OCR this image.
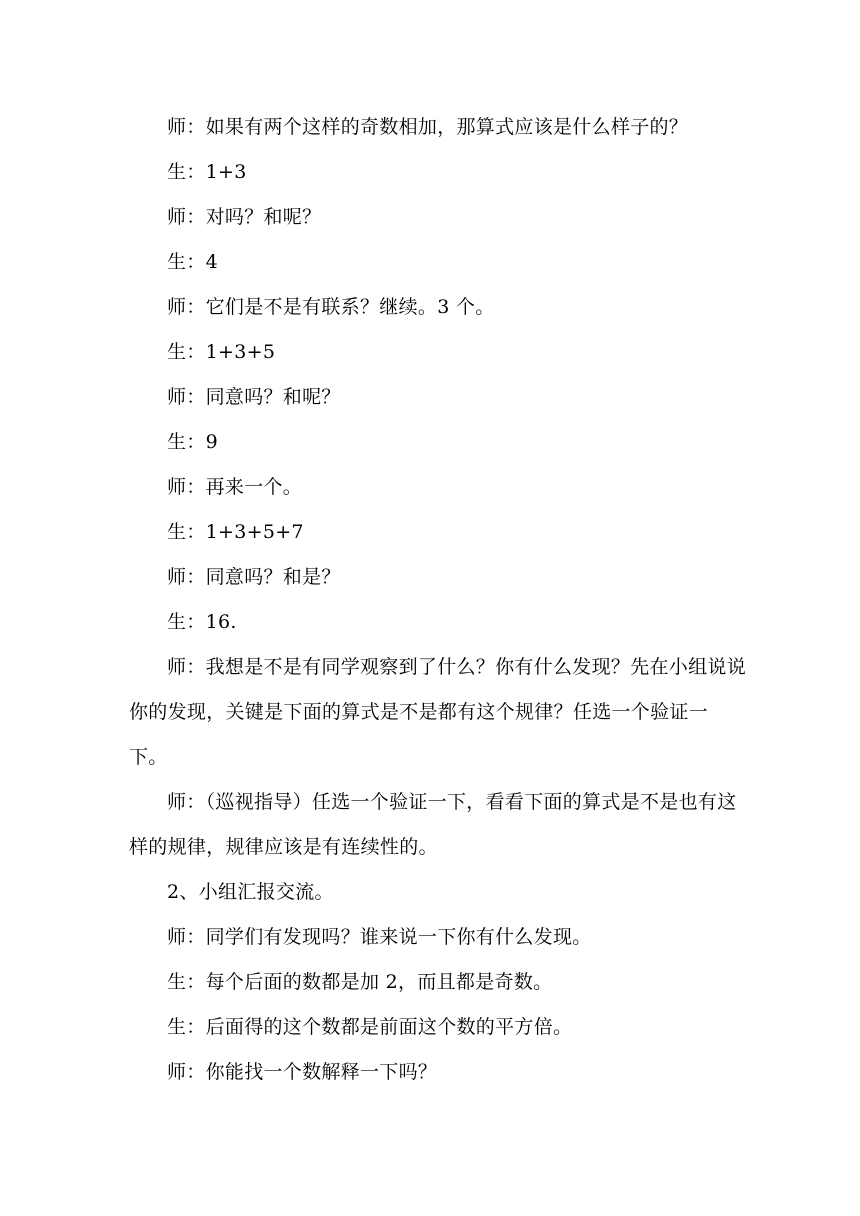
师：如果有两个这样的奇数相加，那算式应该是什么样子的？

生：1+3

师：对吗？和呢？

生：4

师：它们是不是有联系？继续。3 个。

生：1+3+5

师：同意吗？和呢？

生：9

师：再来一个。

生：1+3+5+7

师：同意吗？和是？

生：16.

师：我想是不是有同学观察到了什么？你有什么发现？先在小组说说你的发现，关键是下面的算式是不是都有这个规律？任选一个验证一下。

师：（巡视指导）任选一个验证一下，看看下面的算式是不是也有这样的规律，规律应该是有连续性的。

2、小组汇报交流。

师：同学们有发现吗？谁来说一下你有什么发现。

生：每个后面的数都是加 2，而且都是奇数。

生：后面得的这个数都是前面这个数的平方倍。

师：你能找一个数解释一下吗？
